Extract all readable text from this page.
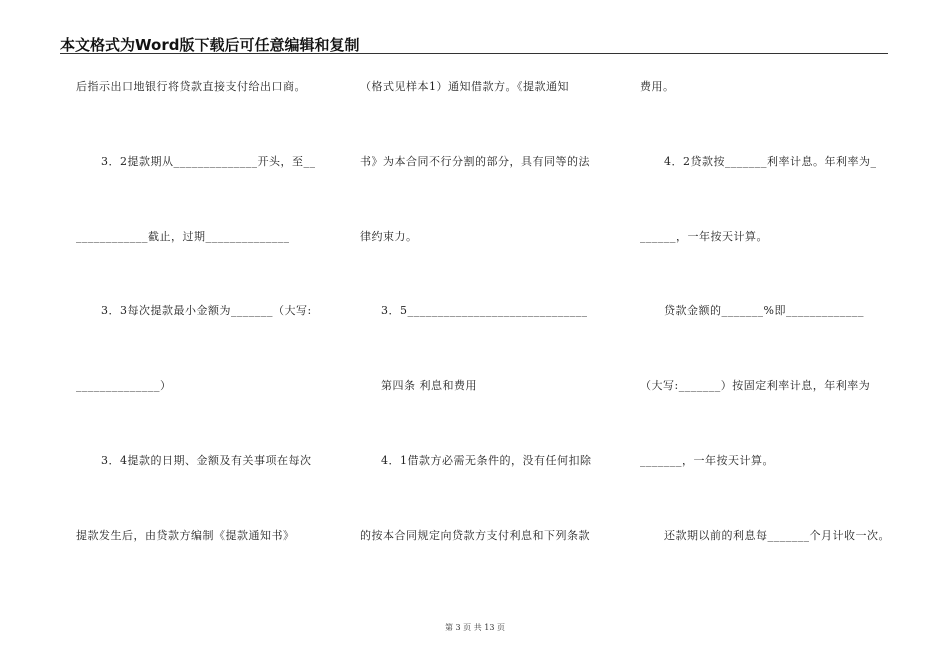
本文格式为Word版下载后可任意编辑和复制
后指示出口地银行将贷款直接支付给出口商。
3．2提款期从______________开头，至__
____________截止，过期______________
3．3每次提款最小金额为_______（大写:
______________）
3．4提款的日期、金额及有关事项在每次
提款发生后，由贷款方编制《提款通知书》
（格式见样本1）通知借款方。《提款通知
书》为本合同不行分割的部分，具有同等的法
律约束力。
3．5______________________________
第四条 利息和费用
4．1借款方必需无条件的，没有任何扣除
的按本合同规定向贷款方支付利息和下列条款
费用。
4．2贷款按_______利率计息。年利率为_
______，一年按天计算。
贷款金额的_______%即_____________
（大写:_______）按固定利率计息，年利率为
_______，一年按天计算。
还款期以前的利息每_______个月计收一次。
第 3 页 共 13 页
